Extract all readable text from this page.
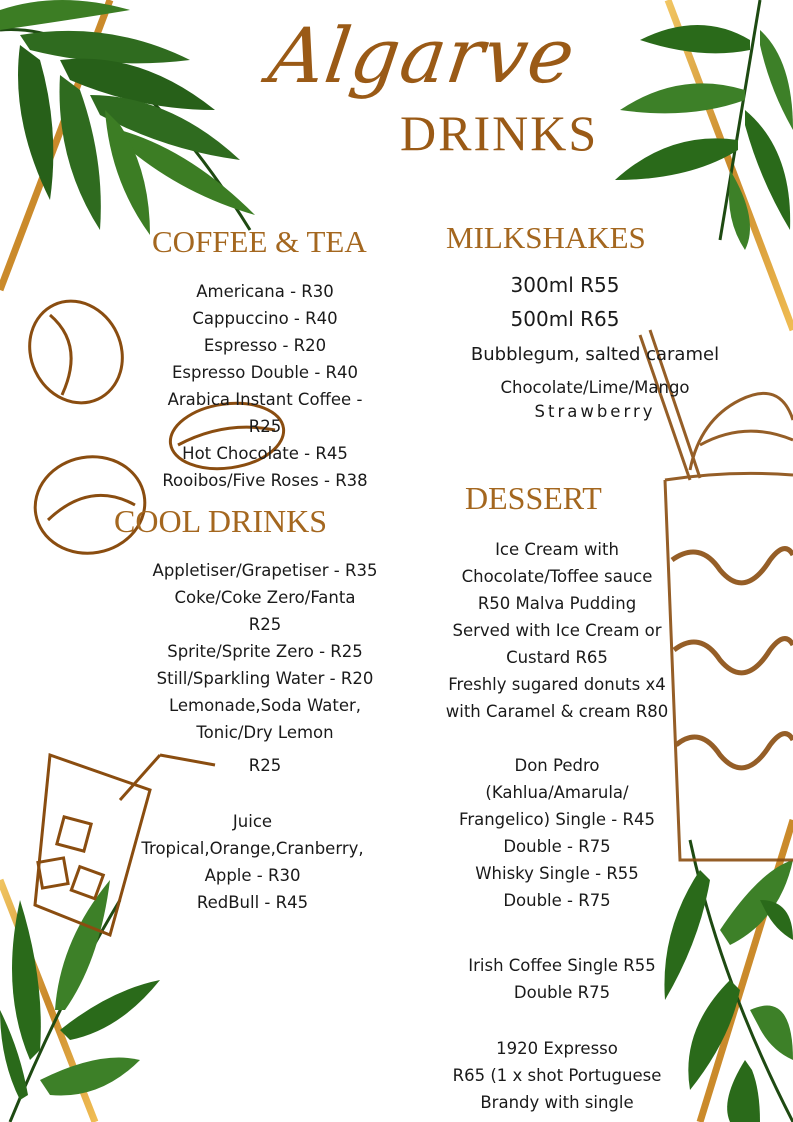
Algarve
DRINKS
COFFEE & TEA
Americana - R30
Cappuccino - R40
Espresso - R20
Espresso Double - R40
Arabica Instant Coffee -
R25
Hot Chocolate - R45
Rooibos/Five Roses - R38
COOL DRINKS
Appletiser/Grapetiser - R35
Coke/Coke Zero/Fanta
R25
Sprite/Sprite Zero - R25
Still/Sparkling Water - R20
Lemonade,Soda Water,
Tonic/Dry Lemon
R25
Juice
Tropical,Orange,Cranberry,
Apple - R30
RedBull - R45
MILKSHAKES
300ml R55
500ml R65
Bubblegum, salted caramel
Chocolate/Lime/Mango
Strawberry
DESSERT
Ice Cream with
Chocolate/Toffee sauce
R50 Malva Pudding
Served with Ice Cream or
Custard R65
Freshly sugared donuts x4
with Caramel & cream R80
Don Pedro
(Kahlua/Amarula/
Frangelico) Single - R45
Double - R75
Whisky Single - R55
Double - R75
Irish Coffee Single R55
Double R75
1920 Expresso
R65 (1 x shot Portuguese
Brandy with single
